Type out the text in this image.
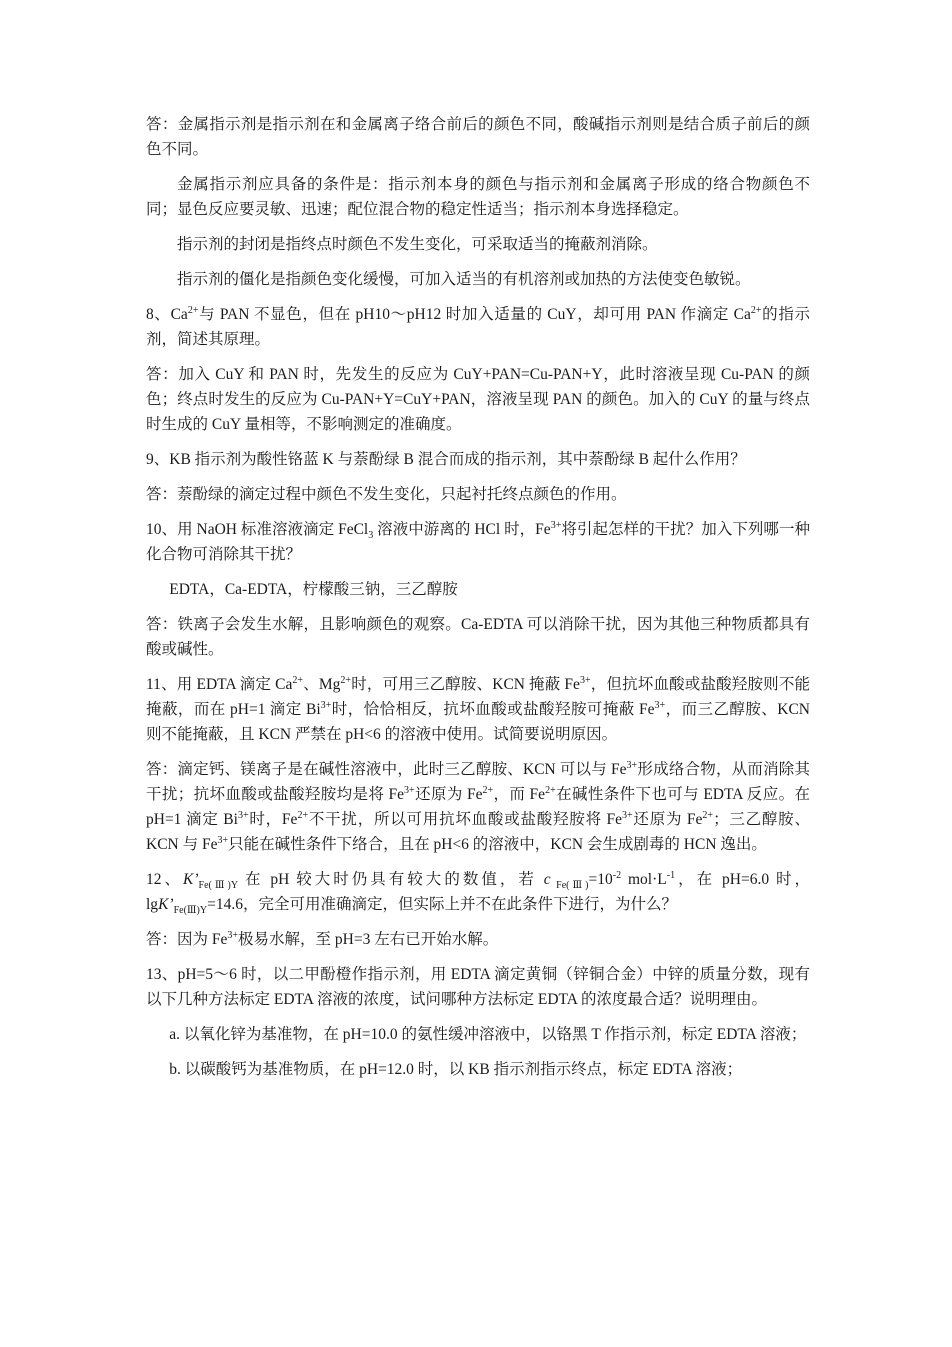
答：金属指示剂是指示剂在和金属离子络合前后的颜色不同，酸碱指示剂则是结合质子前后的颜色不同。

金属指示剂应具备的条件是：指示剂本身的颜色与指示剂和金属离子形成的络合物颜色不同；显色反应要灵敏、迅速；配位混合物的稳定性适当；指示剂本身选择稳定。

指示剂的封闭是指终点时颜色不发生变化，可采取适当的掩蔽剂消除。

指示剂的僵化是指颜色变化缓慢，可加入适当的有机溶剂或加热的方法使变色敏锐。

8、$Ca^{2+}$与 PAN 不显色，但在 pH10～pH12 时加入适量的 CuY，却可用 PAN 作滴定 $Ca^{2+}$的指示剂，简述其原理。

答：加入 CuY 和 PAN 时，先发生的反应为 CuY+PAN=Cu-PAN+Y，此时溶液呈现 Cu-PAN 的颜色；终点时发生的反应为 Cu-PAN+Y=CuY+PAN，溶液呈现 PAN 的颜色。加入的 CuY 的量与终点时生成的 CuY 量相等，不影响测定的准确度。

9、KB 指示剂为酸性铬蓝 K 与萘酚绿 B 混合而成的指示剂，其中萘酚绿 B 起什么作用？

答：萘酚绿的滴定过程中颜色不发生变化，只起衬托终点颜色的作用。

10、用 NaOH 标准溶液滴定 FeCl$_3$ 溶液中游离的 HCl 时，$Fe^{3+}$将引起怎样的干扰？加入下列哪一种化合物可消除其干扰？

EDTA，Ca-EDTA，柠檬酸三钠，三乙醇胺

答：铁离子会发生水解，且影响颜色的观察。Ca-EDTA 可以消除干扰，因为其他三种物质都具有酸或碱性。

11、用 EDTA 滴定 $Ca^{2+}$、$Mg^{2+}$时，可用三乙醇胺、KCN 掩蔽 $Fe^{3+}$，但抗坏血酸或盐酸羟胺则不能掩蔽，而在 pH=1 滴定 $Bi^{3+}$时，恰恰相反，抗坏血酸或盐酸羟胺可掩蔽 $Fe^{3+}$，而三乙醇胺、KCN 则不能掩蔽，且 KCN 严禁在 pH<6 的溶液中使用。试简要说明原因。

答：滴定钙、镁离子是在碱性溶液中，此时三乙醇胺、KCN 可以与 $Fe^{3+}$形成络合物，从而消除其干扰；抗坏血酸或盐酸羟胺均是将 $Fe^{3+}$还原为 $Fe^{2+}$，而 $Fe^{2+}$在碱性条件下也可与 EDTA 反应。在 pH=1 滴定 $Bi^{3+}$时，$Fe^{2+}$不干扰，所以可用抗坏血酸或盐酸羟胺将 $Fe^{3+}$还原为 $Fe^{2+}$；三乙醇胺、KCN 与 $Fe^{3+}$只能在碱性条件下络合，且在 pH<6 的溶液中，KCN 会生成剧毒的 HCN 逸出。

12、$K’_{Fe(Ⅲ)Y}$ 在 pH 较大时仍具有较大的数值，若 c $_{Fe(Ⅲ)}=10^{-2}$ $mol\cdot L^{-1}$，在 pH=6.0 时，$\lg K’_{Fe(Ⅲ)Y}=14.6$，完全可用准确滴定，但实际上并不在此条件下进行，为什么？

答：因为 $Fe^{3+}$极易水解，至 pH=3 左右已开始水解。

13、pH=5～6 时，以二甲酚橙作指示剂，用 EDTA 滴定黄铜（锌铜合金）中锌的质量分数，现有以下几种方法标定 EDTA 溶液的浓度，试问哪种方法标定 EDTA 的浓度最合适？说明理由。

a. 以氧化锌为基准物，在 pH=10.0 的氨性缓冲溶液中，以铬黑 T 作指示剂，标定 EDTA 溶液；

b. 以碳酸钙为基准物质，在 pH=12.0 时，以 KB 指示剂指示终点，标定 EDTA 溶液；
